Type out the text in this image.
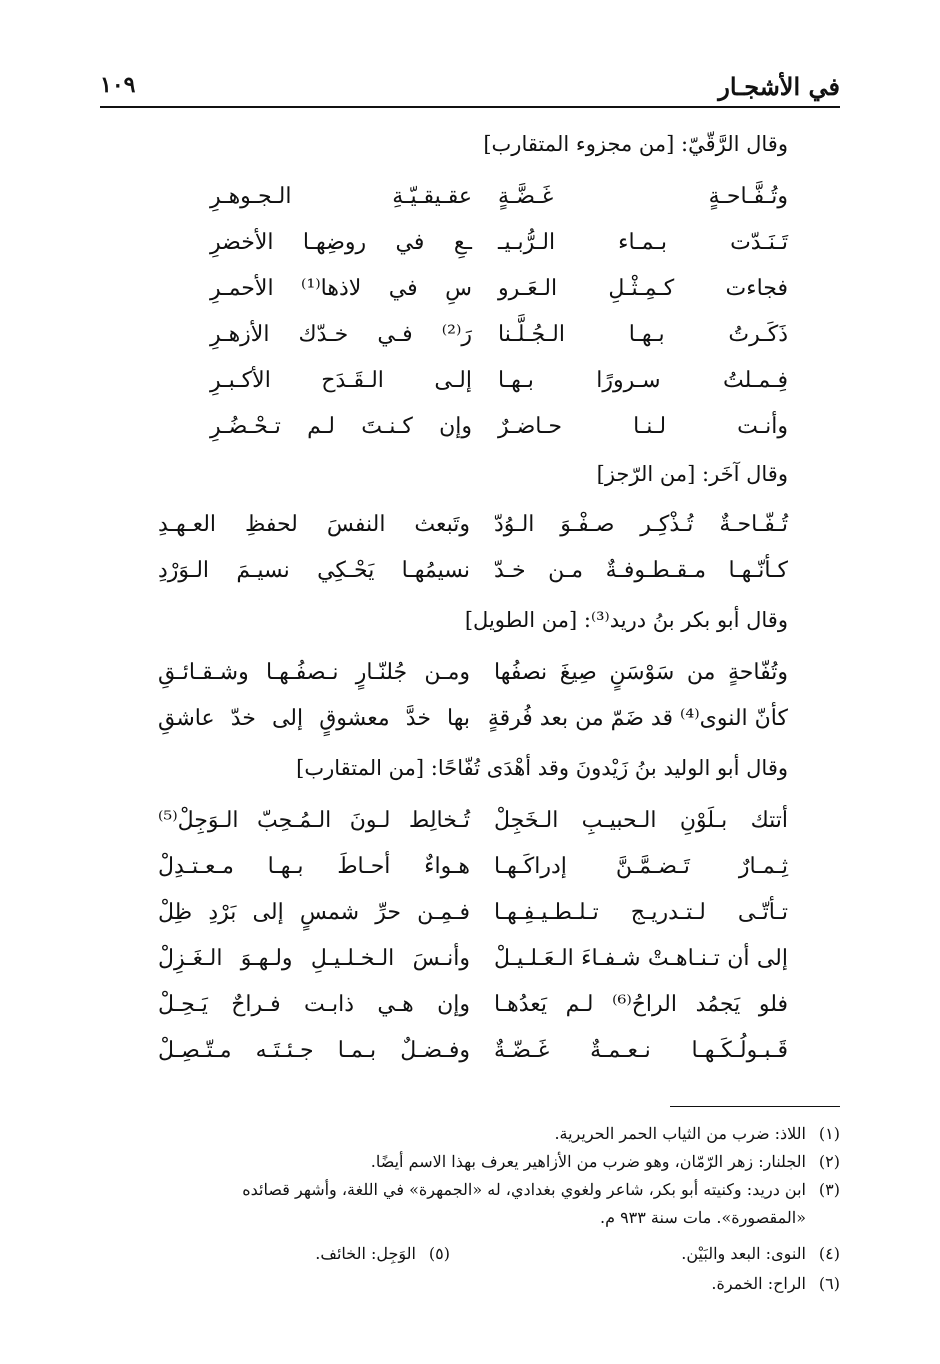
في الأشجـار
١٠٩
وقال الرَّقّيّ: [من مجزوء المتقارب]
وتُـفَّـاحـةٍ غَـضَّـةٍ
عقـيقـيّـةِ الـجـوهـرِ
تَـنَـدّت بـمـاء الـرُّبـيـ
ـعِ في روضِهـا الأخضرِ
فجاءت كـمِـثْـلِ الـعَـرو
سِ في لاذها⁽¹⁾ الأحمـرِ
ذَكَـرتُ بـهـا الـجُـلَّـنا
رَ⁽²⁾ فـي خـدّك الأزهـرِ
فِـمـلتُ سـرورًا بـهـا
إلـى الـقَـدَح الأكـبـرِ
وأنـت لـنـا حـاضـرٌ
وإن كـنـتَ لـم تـحْـضُـرِ
وقال آخَر: [من الرّجز]
تُـفّـاحـةٌ تُـذْكِـر صـفْـوَ الـوُدّ
وتَبعث النفسَ لحفظِ العـهـدِ
كـأنّـهـا مـقـطـوفـةٌ مـن خـدّ
نسيمُهـا يَحْـكِي نسيـمَ الـوَرْدِ
وقال أبو بكر بنُ دريد⁽³⁾: [من الطويل]
وتُفّاحةٍ من سَوْسَنٍ صِيغَ نصفُها
ومـن جُلنّـارٍ نـصفُـهـا وشـقـائـقِ
كأنّ النوى⁽⁴⁾ قد ضَمّ من بعد فُرقةٍ
بها خدَّ معشوقٍ إلى خدّ عاشقِ
وقال أبو الوليد بنُ زَيْدونَ وقد أهْدَى تُفّاحًا: [من المتقارب]
أتتك بـلَوْنِ الـحبيـبِ الـخَجِلْ
تُـخالِط لـونَ الـمُـحِبّ الـوَجِلْ⁽⁵⁾
ثِـمـارٌ تَـضـمَّـنَّ إدراكَـهـا
هـواءٌ أحـاطَ بـهـا مـعـتـدِلْ
تـأتّـى لـتـدريـج تـلـطـيـفِـهـا
فـمِـن حرِّ شمسٍ إلى بَرْدِ ظِلْ
إلى أن تـنـاهـتْ شـفـاءَ الـعَـلـيـلْ
وأنـسَ الـخـلـيـلِ ولـهـوَ الـغَـزِلْ
فلو يَجمُد الراحُ⁽⁶⁾ لـم يَعدُهـا
وإن هـي ذابـت فـراحٌ يَـحِـلْ
قَـبـولُـكَـهـا نـعـمـةٌ غَـضّـةٌ
وفـضـلٌ بـمـا جـئـتَـه مـتّـصِـلْ
(١)اللاذ: ضرب من الثياب الحمر الحريرية.
(٢)الجلنار: زهر الرّمّان، وهو ضرب من الأزاهير يعرف بهذا الاسم أيضًا.
(٣)ابن دريد: وكنيته أبو بكر، شاعر ولغوي بغدادي، له «الجمهرة» في اللغة، وأشهر قصائده
«المقصورة». مات سنة ٩٣٣ م.
(٤)النوى: البعد والبَيْن.
(٥)الوَجِل: الخائف.
(٦)الراح: الخمرة.
